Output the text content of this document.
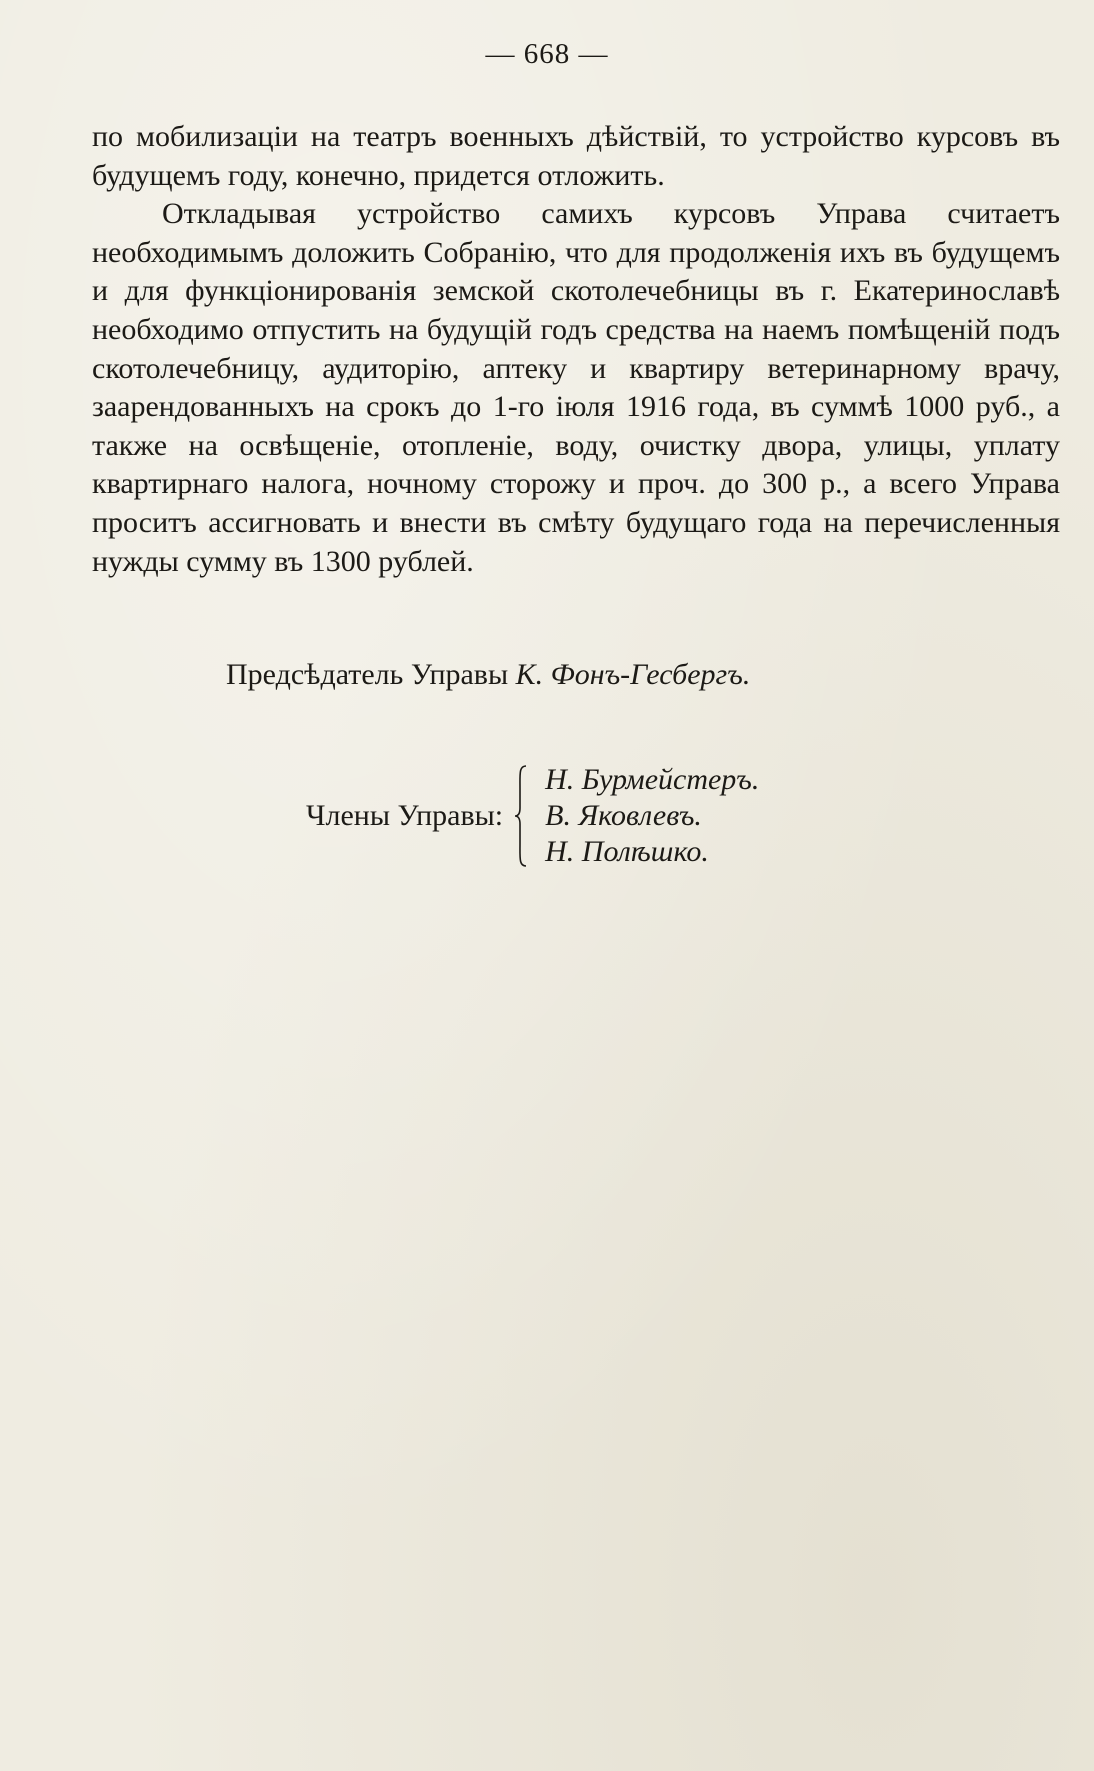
— 668 —

по мобилизаціи на театръ военныхъ дѣйствій, то устройство курсовъ въ будущемъ году, конечно, придется отложить.

Откладывая устройство самихъ курсовъ Управа считаетъ необходимымъ доложить Собранію, что для продолженія ихъ въ будущемъ и для функціонированія земской скотолечебницы въ г. Екатеринославѣ необходимо отпустить на будущій годъ средства на наемъ помѣщеній подъ скотолечебницу, аудиторію, аптеку и квартиру ветеринарному врачу, заарендованныхъ на срокъ до 1-го іюля 1916 года, въ суммѣ 1000 руб., а также на освѣщеніе, отопленіе, воду, очистку двора, улицы, уплату квартирнаго налога, ночному сторожу и проч. до 300 р., а всего Управа проситъ ассигновать и внести въ смѣту будущаго года на перечисленныя нужды сумму въ 1300 рублей.

Предсѣдатель Управы К. Фонъ-Гесбергъ.
Члены Управы:
Н. Бурмейстеръ.
В. Яковлевъ.
Н. Полѣшко.
